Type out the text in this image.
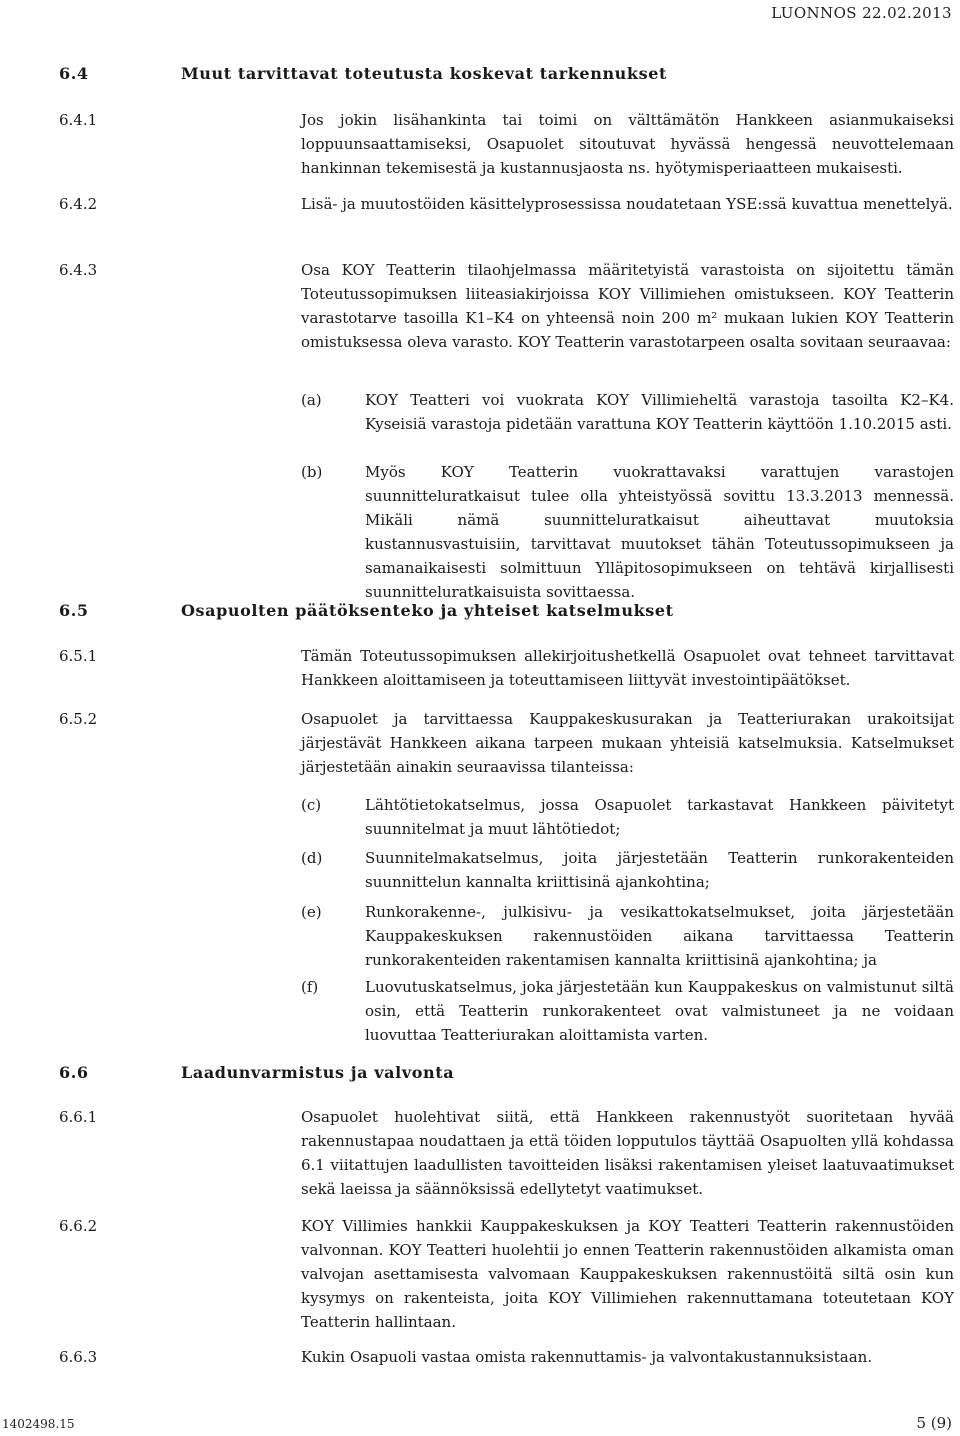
LUONNOS 22.02.2013
6.4	Muut tarvittavat toteutusta koskevat tarkennukset
6.4.1	Jos jokin lisähankinta tai toimi on välttämätön Hankkeen asianmukaiseksi loppuunsaattamiseksi, Osapuolet sitoutuvat hyvässä hengessä neuvottelemaan hankinnan tekemisestä ja kustannusjaosta ns. hyötymisperiaatteen mukaisesti.
6.4.2	Lisä- ja muutostöiden käsittelyprosessissa noudatetaan YSE:ssä kuvattua menettelyä.
6.4.3	Osa KOY Teatterin tilaohjelmassa määritetyistä varastoista on sijoitettu tämän Toteutussopimuksen liiteasiakirjoissa KOY Villimiehen omistukseen. KOY Teatterin varastotarve tasoilla K1–K4 on yhteensä noin 200 m² mukaan lukien KOY Teatterin omistuksessa oleva varasto. KOY Teatterin varastotarpeen osalta sovitaan seuraavaa:
(a)	KOY Teatteri voi vuokrata KOY Villimieheltä varastoja tasoilta K2–K4. Kyseisiä varastoja pidetään varattuna KOY Teatterin käyttöön 1.10.2015 asti.
(b)	Myös KOY Teatterin vuokrattavaksi varattujen varastojen suunnitteluratkaisut tulee olla yhteistyössä sovittu 13.3.2013 mennessä. Mikäli nämä suunnitteluratkaisut aiheuttavat muutoksia kustannusvastuisiin, tarvittavat muutokset tähän Toteutussopimukseen ja samanaikaisesti solmittuun Ylläpitosopimukseen on tehtävä kirjallisesti suunnitteluratkaisuista sovittaessa.
6.5	Osapuolten päätöksenteko ja yhteiset katselmukset
6.5.1	Tämän Toteutussopimuksen allekirjoitushetkellä Osapuolet ovat tehneet tarvittavat Hankkeen aloittamiseen ja toteuttamiseen liittyvät investointipäätökset.
6.5.2	Osapuolet ja tarvittaessa Kauppakeskusurakan ja Teatteriurakan urakoitsijat järjestävät Hankkeen aikana tarpeen mukaan yhteisiä katselmuksia. Katselmukset järjestetään ainakin seuraavissa tilanteissa:
(c)	Lähtötietokatselmus, jossa Osapuolet tarkastavat Hankkeen päivitetyt suunnitelmat ja muut lähtötiedot;
(d)	Suunnitelmakatselmus, joita järjestetään Teatterin runkorakenteiden suunnittelun kannalta kriittisinä ajankohtina;
(e)	Runkorakenne-, julkisivu- ja vesikattokatselmukset, joita järjestetään Kauppakeskuksen rakennustöiden aikana tarvittaessa Teatterin runkorakenteiden rakentamisen kannalta kriittisinä ajankohtina; ja
(f)	Luovutuskatselmus, joka järjestetään kun Kauppakeskus on valmistunut siltä osin, että Teatterin runkorakenteet ovat valmistuneet ja ne voidaan luovuttaa Teatteriurakan aloittamista varten.
6.6	Laadunvarmistus ja valvonta
6.6.1	Osapuolet huolehtivat siitä, että Hankkeen rakennustyöt suoritetaan hyvää rakennustapaa noudattaen ja että töiden lopputulos täyttää Osapuolten yllä kohdassa 6.1 viitattujen laadullisten tavoitteiden lisäksi rakentamisen yleiset laatuvaatimukset sekä laeissa ja säännöksissä edellytetyt vaatimukset.
6.6.2	KOY Villimies hankkii Kauppakeskuksen ja KOY Teatteri Teatterin rakennustöiden valvonnan. KOY Teatteri huolehtii jo ennen Teatterin rakennustöiden alkamista oman valvojan asettamisesta valvomaan Kauppakeskuksen rakennustöitä siltä osin kun kysymys on rakenteista, joita KOY Villimiehen rakennuttamana toteutetaan KOY Teatterin hallintaan.
6.6.3	Kukin Osapuoli vastaa omista rakennuttamis- ja valvontakustannuksistaan.
1402498.15	5 (9)
